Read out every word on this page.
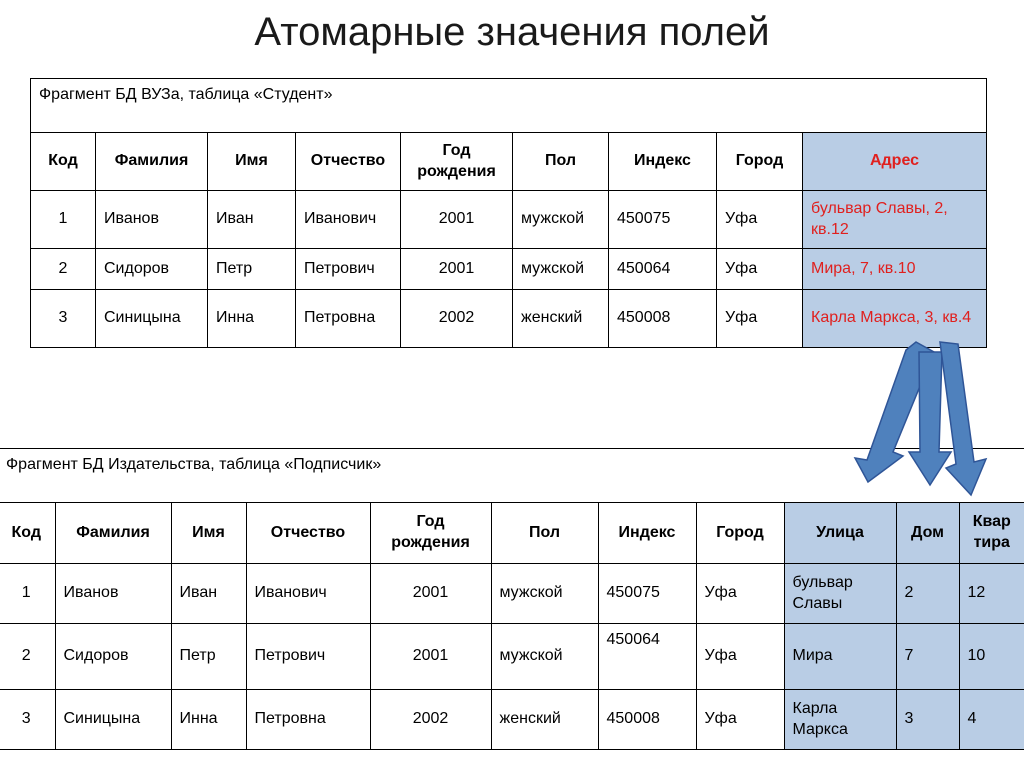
Атомарные значения полей
Фрагмент БД ВУЗа, таблица «Студент»								
Код	Фамилия	Имя	Отчество	Год рождения	Пол	Индекс	Город	Адрес
1	Иванов	Иван	Иванович	2001	мужской	450075	Уфа	бульвар Славы, 2, кв.12
2	Сидоров	Петр	Петрович	2001	мужской	450064	Уфа	Мира, 7, кв.10
3	Синицына	Инна	Петровна	2002	женский	450008	Уфа	Карла Маркса, 3, кв.4
Фрагмент БД Издательства, таблица «Подписчик»										
Код	Фамилия	Имя	Отчество	Год рождения	Пол	Индекс	Город	Улица	Дом	Квар тира
1	Иванов	Иван	Иванович	2001	мужской	450075	Уфа	бульвар Славы	2	12
2	Сидоров	Петр	Петрович	2001	мужской	450064	Уфа	Мира	7	10
3	Синицына	Инна	Петровна	2002	женский	450008	Уфа	Карла Маркса	3	4
